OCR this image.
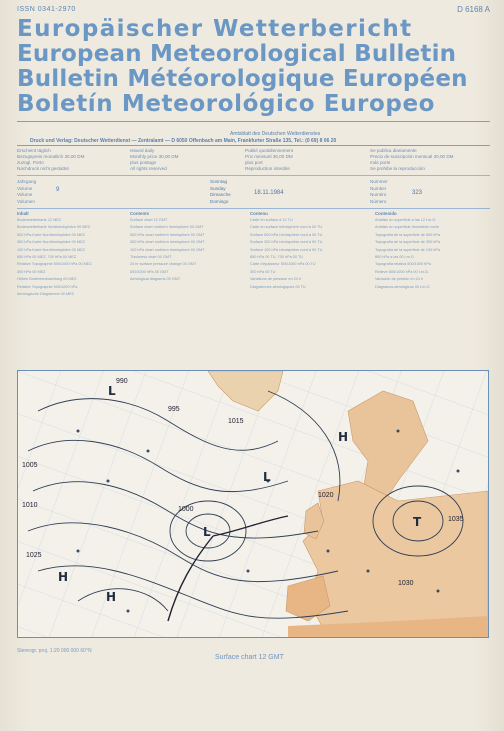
ISSN 0341-2970	D 6168 A
Europäischer Wetterbericht
European Meteorological Bulletin
Bulletin Météorologique Européen
Boletín Meteorológico Europeo
Amtsblatt des Deutschen Wetterdienstes
Druck und Verlag: Deutscher Wetterdienst — Zentralamt — D 6050 Offenbach am Main, Frankfurter Straße 135, Tel.: (0 69) 8 06 20
Erscheint täglich
Bezugspreis monatlich 30,00 DM
zuzügl. Porto
Nachdruck nicht gestattet
Issued daily
Monthly price 30,00 DM
plus postage
All rights reserved
Publié quotidiennement
Prix mensuel 30,00 DM
plus port
Reproduction interdite
Se publica diariamente
Precio de suscripción mensual 30,00 DM
más porte
Se prohibe la reproducción
Jahrgang
Volume
Volume
Volumen
9
Sonntag
Sunday
Dimanche
Domingo
18.11.1984
Nummer
Number
Numéro
Número
323
Inhalt
Bodenwetterkarte 12 MEZ
Bodenwetterkarte Nordhemisphäre 00 MEZ
500 hPa-Karte Nordhemisphäre 00 MEZ
300 hPa-Karte Nordhemisphäre 00 MEZ
100 hPa-Karte Nordhemisphäre 00 MEZ
850 hPa 00 MEZ, 700 hPa 00 MEZ
Relative Topographie 500/1000 hPa 00 MEZ
300 hPa 00 MEZ
Höhen Bodenbeobachtung 00 MEZ
Relative Topographie 500/1000 hPa
Aerologische Diagramme 00 MEZ
Contents
Surface chart 12 GMT
Surface chart northern hemisphere 00 GMT
500 hPa chart northern hemisphere 00 GMT
300 hPa chart northern hemisphere 00 GMT
100 hPa chart northern hemisphere 00 GMT
Thickness chart 00 GMT
24 hr surface pressure change 00 GMT
500/1000 hPa 00 GMT
Aerological diagrams 00 GMT
Contenu
Carte en surface à 12 TU
Carte en surface hémisphère nord à 00 TU
Surface 500 hPa hémisphère nord à 00 TU
Surface 300 hPa hémisphère nord à 00 TU
Surface 100 hPa hémisphère nord à 00 TU
850 hPa 00 TU, 700 hPa 00 TU
Carte d'épaisseur 500/1000 hPa 00 TU
300 hPa 00 TU
Variations de pression en 24 h
Diagrammes aérologiques 00 TU
Contenido
Análisis en superficie a las 12 t.m.G.
Análisis en superficie hemisferio norte
Topografía de la superficie de 500 hPa
Topografía de la superficie de 300 hPa
Topografía de la superficie de 100 hPa
850 hPa a las 00 t.m.G.
Topografía relativa 500/1000 hPa
Relieve 500/1000 hPa 00 t.m.G.
Variación de presión en 24 h
Diagramas aerológicos 00 t.m.G.
990
995
1000
1005
1010
1015
1020
1025
1030
1035
L
H
L
H
T
H
L
Stereogr. proj. 1:20 000 000 60°N
Surface chart 12 GMT
